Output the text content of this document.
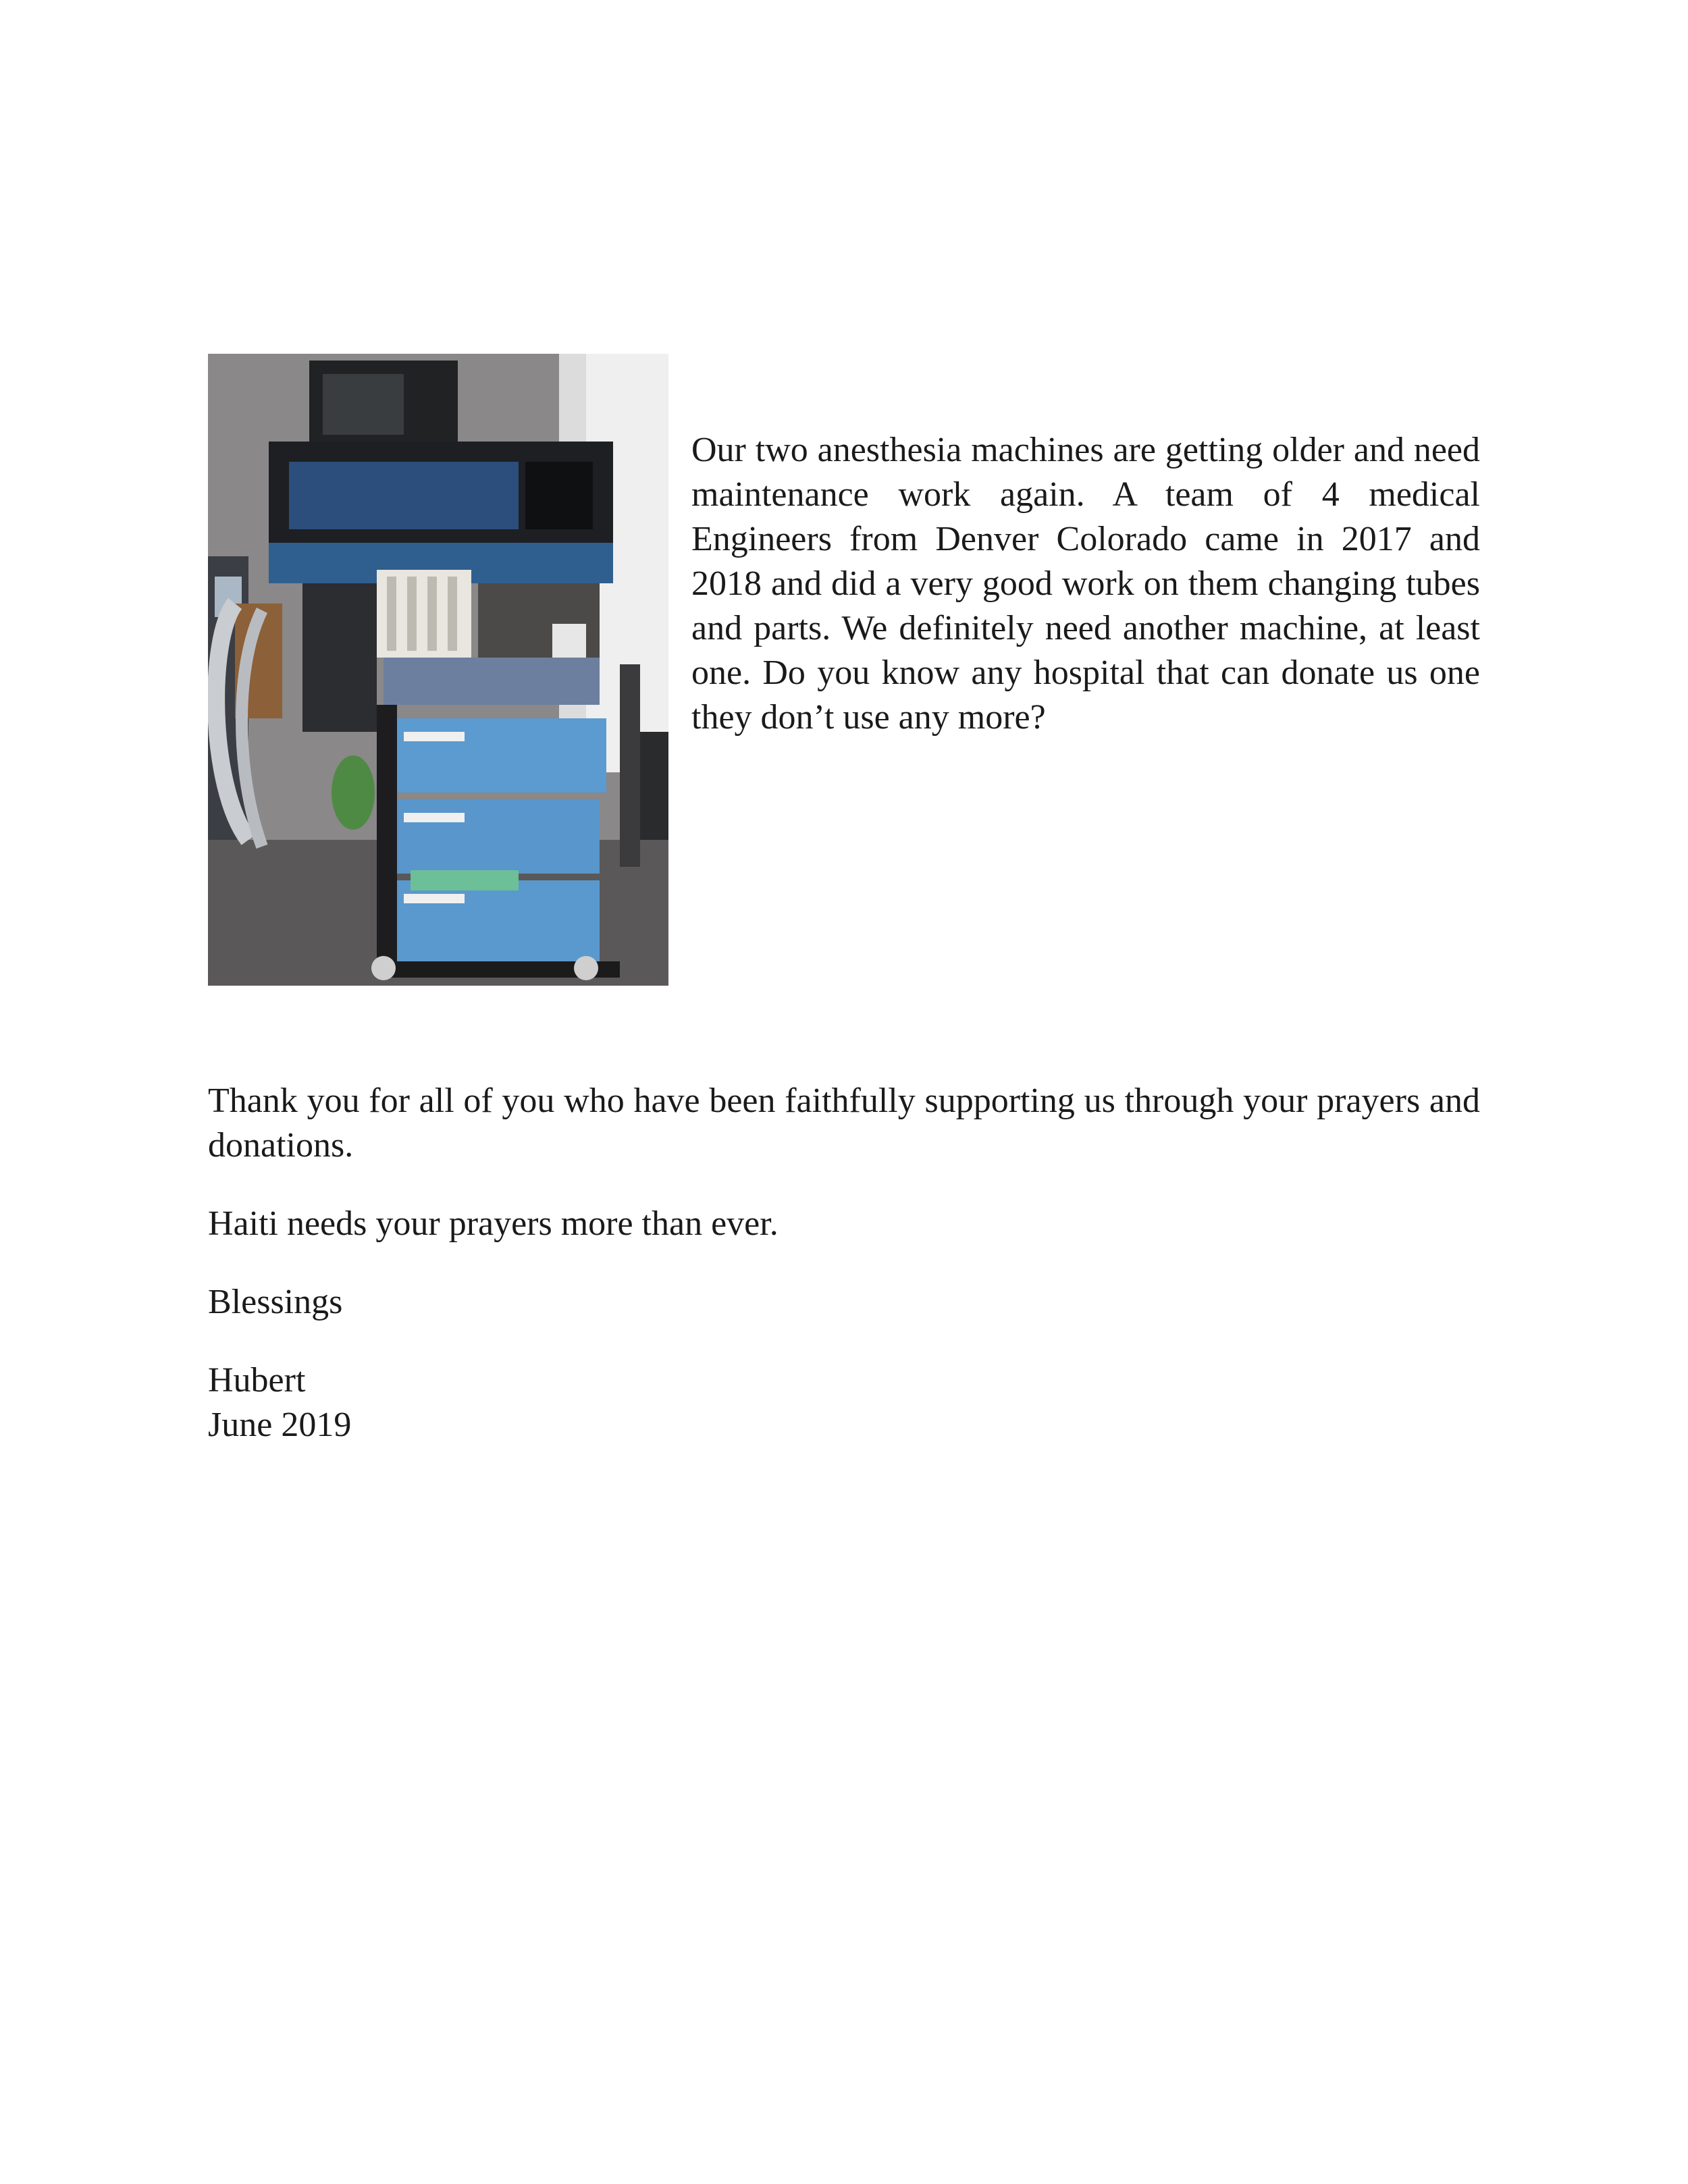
Our two anesthesia machines are getting older and need maintenance work again. A team of 4 medical Engineers from Denver Colorado came in 2017 and 2018 and did a very good work on them changing tubes and parts. We definitely need another machine, at least one. Do you know any hospital that can donate us one they don’t use any more?

Thank you for all of you who have been faithfully supporting us through your prayers and donations.

Haiti needs your prayers more than ever.

Blessings

Hubert
June 2019
